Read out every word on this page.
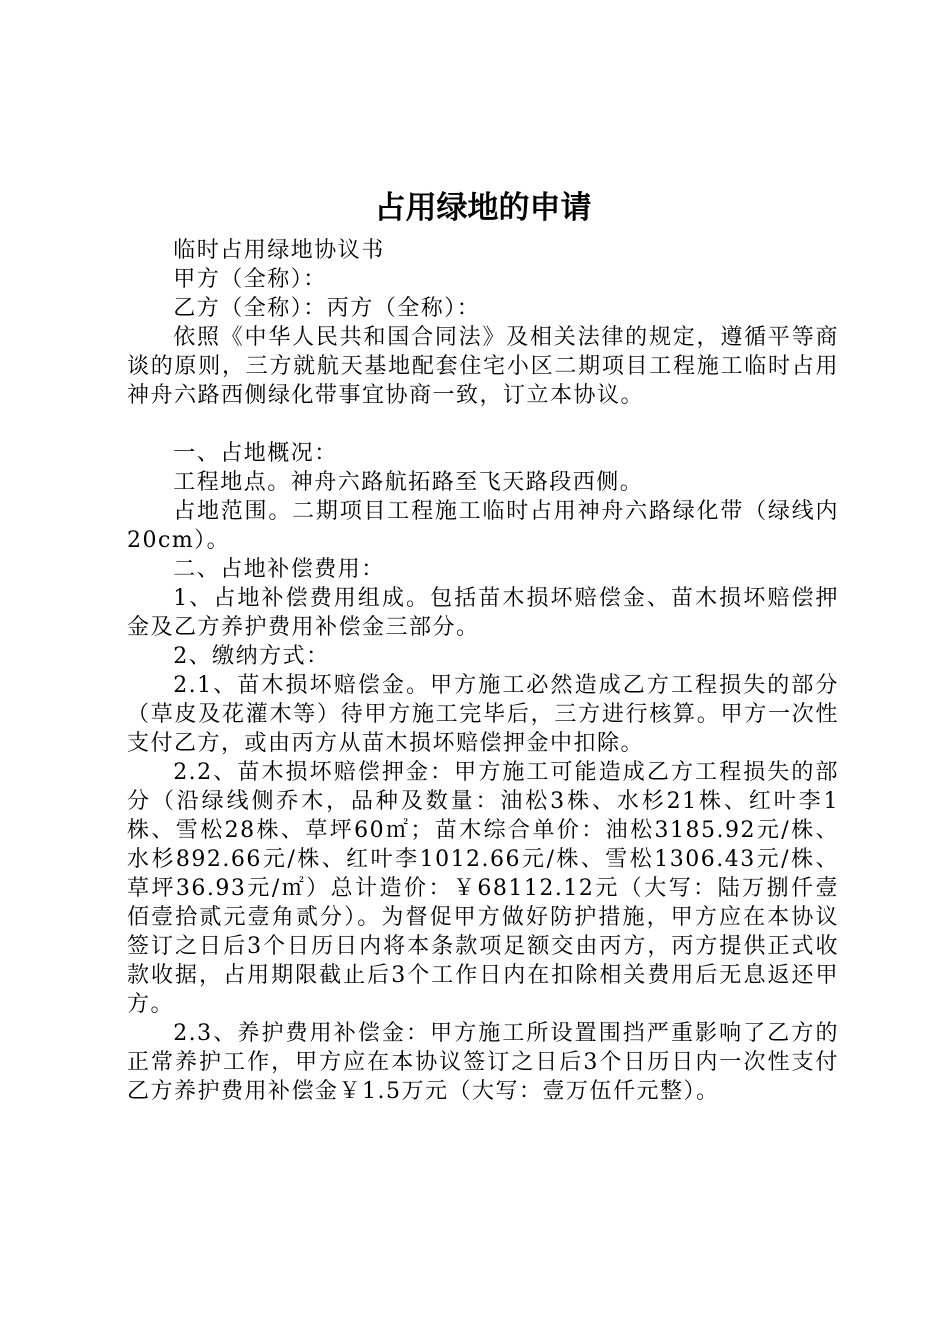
占用绿地的申请

临时占用绿地协议书

甲方（全称）：

乙方（全称）：丙方（全称）：

依照《中华人民共和国合同法》及相关法律的规定，遵循平等商谈的原则，三方就航天基地配套住宅小区二期项目工程施工临时占用神舟六路西侧绿化带事宜协商一致，订立本协议。

一、占地概况：

工程地点。神舟六路航拓路至飞天路段西侧。

占地范围。二期项目工程施工临时占用神舟六路绿化带（绿线内20cm）。

二、占地补偿费用：

1、占地补偿费用组成。包括苗木损坏赔偿金、苗木损坏赔偿押金及乙方养护费用补偿金三部分。

2、缴纳方式：

2.1、苗木损坏赔偿金。甲方施工必然造成乙方工程损失的部分（草皮及花灌木等）待甲方施工完毕后，三方进行核算。甲方一次性支付乙方，或由丙方从苗木损坏赔偿押金中扣除。

2.2、苗木损坏赔偿押金：甲方施工可能造成乙方工程损失的部分（沿绿线侧乔木，品种及数量：油松3株、水杉21株、红叶李1株、雪松28株、草坪60㎡；苗木综合单价：油松3185.92元/株、水杉892.66元/株、红叶李1012.66元/株、雪松1306.43元/株、草坪36.93元/㎡）总计造价：￥68112.12元（大写：陆万捌仟壹佰壹拾贰元壹角贰分）。为督促甲方做好防护措施，甲方应在本协议签订之日后3个日历日内将本条款项足额交由丙方，丙方提供正式收款收据，占用期限截止后3个工作日内在扣除相关费用后无息返还甲方。

2.3、养护费用补偿金：甲方施工所设置围挡严重影响了乙方的正常养护工作，甲方应在本协议签订之日后3个日历日内一次性支付乙方养护费用补偿金￥1.5万元（大写：壹万伍仟元整）。
